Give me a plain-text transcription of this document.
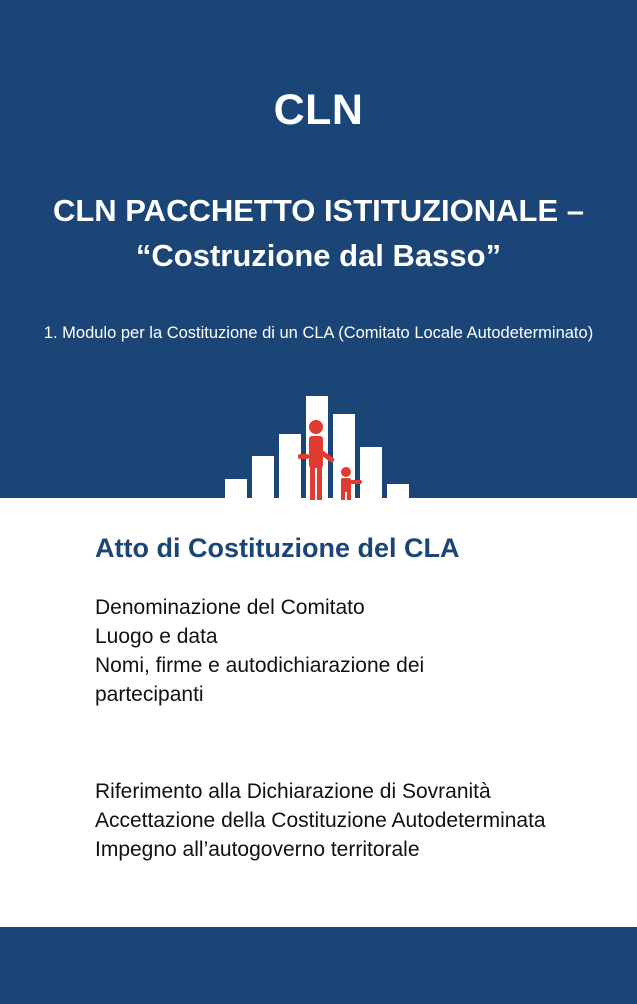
CLN
CLN PACCHETTO ISTITUZIONALE –
“Costruzione dal Basso”
1. Modulo per la Costituzione di un CLA (Comitato Locale Autodeterminato)
Atto di Costituzione del CLA
Denominazione del Comitato
Luogo e data
Nomi, firme e autodichiarazione dei
partecipanti
Riferimento alla Dichiarazione di Sovranità
Accettazione della Costituzione Autodeterminata
Impegno all’autogoverno territorale
